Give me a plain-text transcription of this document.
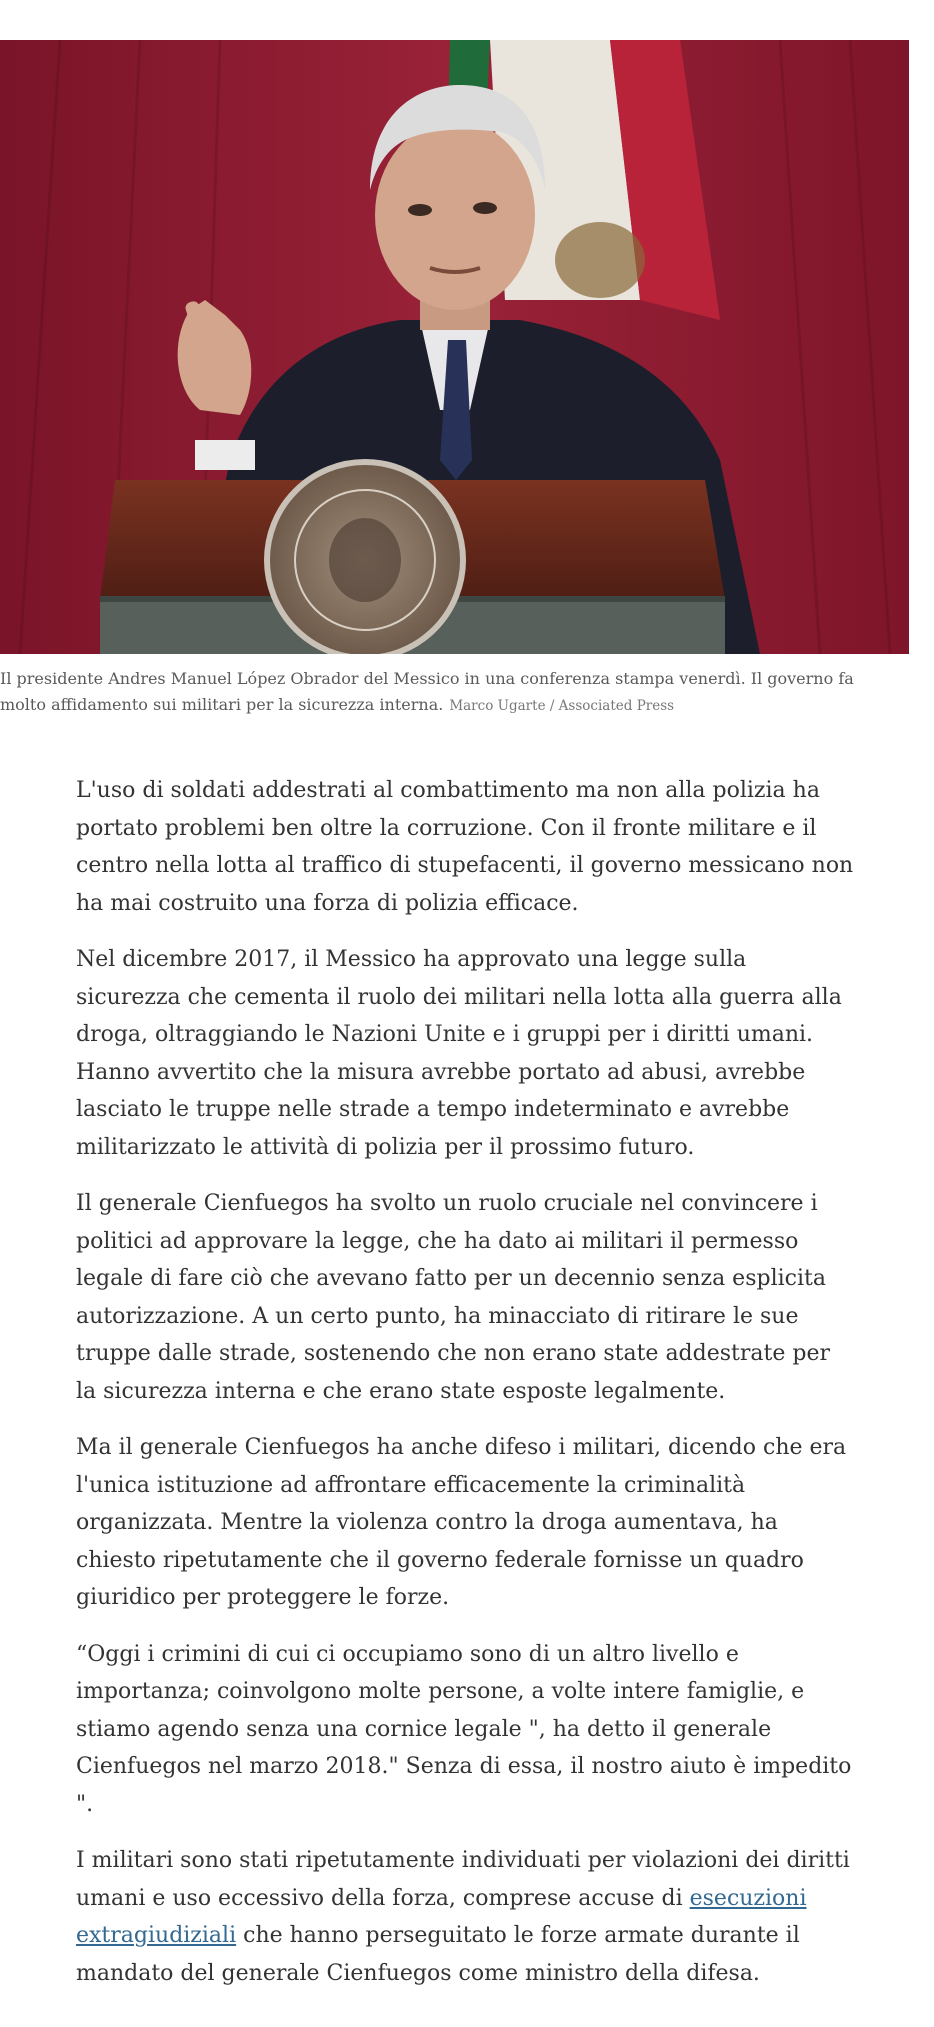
Il presidente Andres Manuel López Obrador del Messico in una conferenza stampa venerdì. Il governo fa molto affidamento sui militari per la sicurezza interna. Marco Ugarte / Associated Press

L'uso di soldati addestrati al combattimento ma non alla polizia ha portato problemi ben oltre la corruzione. Con il fronte militare e il centro nella lotta al traffico di stupefacenti, il governo messicano non ha mai costruito una forza di polizia efficace.

Nel dicembre 2017, il Messico ha approvato una legge sulla sicurezza che cementa il ruolo dei militari nella lotta alla guerra alla droga, oltraggiando le Nazioni Unite e i gruppi per i diritti umani. Hanno avvertito che la misura avrebbe portato ad abusi, avrebbe lasciato le truppe nelle strade a tempo indeterminato e avrebbe militarizzato le attività di polizia per il prossimo futuro.

Il generale Cienfuegos ha svolto un ruolo cruciale nel convincere i politici ad approvare la legge, che ha dato ai militari il permesso legale di fare ciò che avevano fatto per un decennio senza esplicita autorizzazione. A un certo punto, ha minacciato di ritirare le sue truppe dalle strade, sostenendo che non erano state addestrate per la sicurezza interna e che erano state esposte legalmente.

Ma il generale Cienfuegos ha anche difeso i militari, dicendo che era l'unica istituzione ad affrontare efficacemente la criminalità organizzata. Mentre la violenza contro la droga aumentava, ha chiesto ripetutamente che il governo federale fornisse un quadro giuridico per proteggere le forze.

“Oggi i crimini di cui ci occupiamo sono di un altro livello e importanza; coinvolgono molte persone, a volte intere famiglie, e stiamo agendo senza una cornice legale ", ha detto il generale Cienfuegos nel marzo 2018." Senza di essa, il nostro aiuto è impedito ".

I militari sono stati ripetutamente individuati per violazioni dei diritti umani e uso eccessivo della forza, comprese accuse di esecuzioni extragiudiziali che hanno perseguitato le forze armate durante il mandato del generale Cienfuegos come ministro della difesa.
